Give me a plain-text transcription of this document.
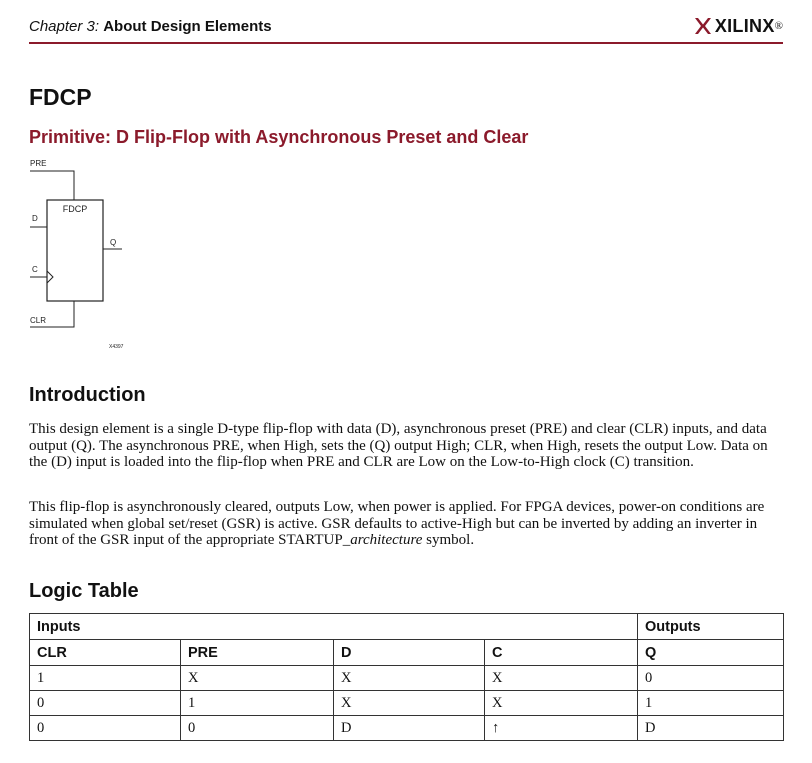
Chapter 3: About Design Elements	XILINX ®
FDCP
Primitive: D Flip-Flop with Asynchronous Preset and Clear
PRE
D
C
Q
CLR
FDCP
X4397
Introduction

This design element is a single D-type flip-flop with data (D), asynchronous preset (PRE) and clear (CLR) inputs, and data output (Q). The asynchronous PRE, when High, sets the (Q) output High; CLR, when High, resets the output Low. Data on the (D) input is loaded into the flip-flop when PRE and CLR are Low on the Low-to-High clock (C) transition.

This flip-flop is asynchronously cleared, outputs Low, when power is applied. For FPGA devices, power-on conditions are simulated when global set/reset (GSR) is active. GSR defaults to active-High but can be inverted by adding an inverter in front of the GSR input of the appropriate STARTUP_architecture symbol.

Logic Table
Inputs				Outputs
CLR	PRE	D	C	Q
1	X	X	X	0
0	1	X	X	1
0	0	D	↑	D
